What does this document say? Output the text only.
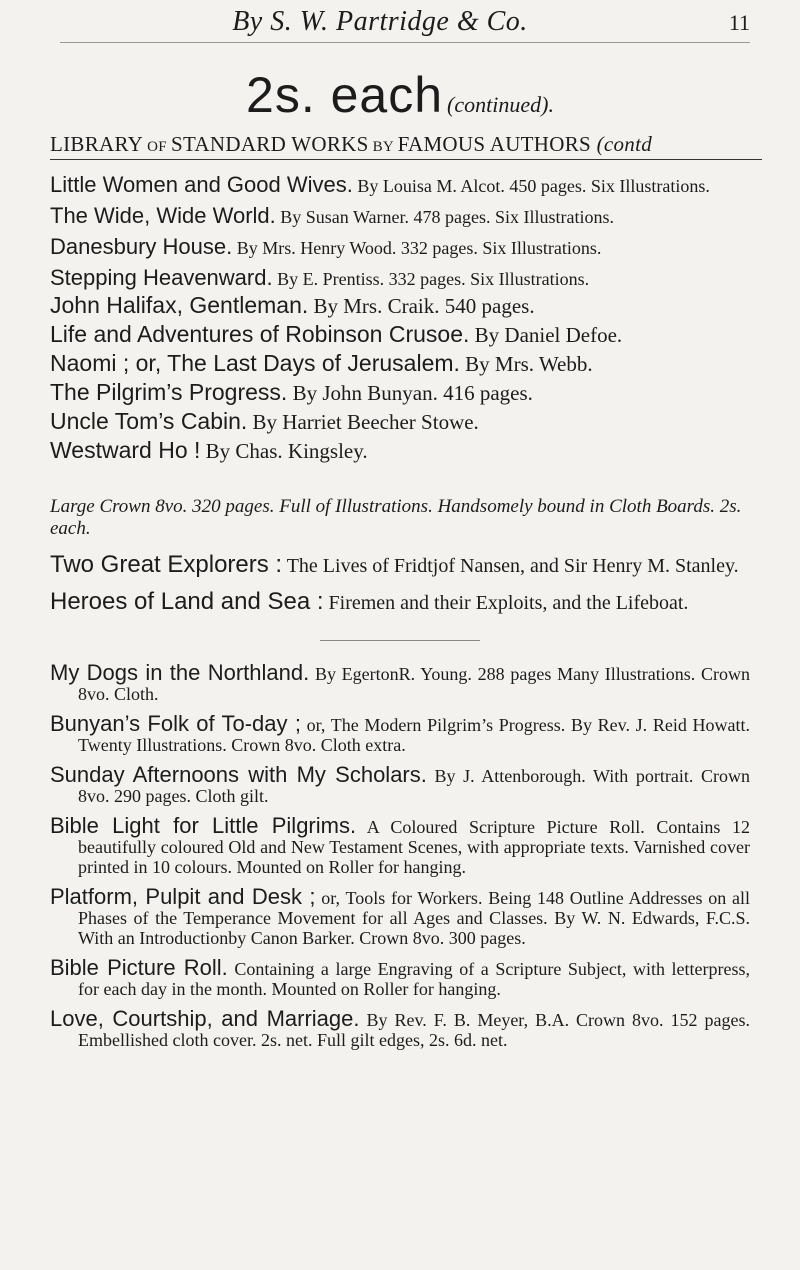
By S. W. Partridge & Co.	11
2s. each (continued).
LIBRARY OF STANDARD WORKS BY FAMOUS AUTHORS (contd
Little Women and Good Wives. By Louisa M. Alcot. 450 pages. Six Illustrations.
The Wide, Wide World. By Susan Warner. 478 pages. Six Illustrations.
Danesbury House. By Mrs. Henry Wood. 332 pages. Six Illustrations.
Stepping Heavenward. By E. Prentiss. 332 pages. Six Illustrations.
John Halifax, Gentleman. By Mrs. Craik. 540 pages.
Life and Adventures of Robinson Crusoe. By Daniel Defoe.
Naomi ; or, The Last Days of Jerusalem. By Mrs. Webb.
The Pilgrim’s Progress. By John Bunyan. 416 pages.
Uncle Tom’s Cabin. By Harriet Beecher Stowe.
Westward Ho ! By Chas. Kingsley.
Large Crown 8vo. 320 pages. Full of Illustrations. Handsomely bound in Cloth Boards. 2s. each.
Two Great Explorers : The Lives of Fridtjof Nansen, and Sir Henry M. Stanley.
Heroes of Land and Sea : Firemen and their Exploits, and the Lifeboat.
My Dogs in the Northland. By EgertonR. Young. 288 pages Many Illustrations. Crown 8vo. Cloth.
Bunyan’s Folk of To-day ; or, The Modern Pilgrim’s Progress. By Rev. J. Reid Howatt. Twenty Illustrations. Crown 8vo. Cloth extra.
Sunday Afternoons with My Scholars. By J. Attenborough. With portrait. Crown 8vo. 290 pages. Cloth gilt.
Bible Light for Little Pilgrims. A Coloured Scripture Picture Roll. Contains 12 beautifully coloured Old and New Testament Scenes, with appropriate texts. Varnished cover printed in 10 colours. Mounted on Roller for hanging.
Platform, Pulpit and Desk ; or, Tools for Workers. Being 148 Outline Addresses on all Phases of the Temperance Movement for all Ages and Classes. By W. N. Edwards, F.C.S. With an Introductionby Canon Barker. Crown 8vo. 300 pages.
Bible Picture Roll. Containing a large Engraving of a Scripture Subject, with letterpress, for each day in the month. Mounted on Roller for hanging.
Love, Courtship, and Marriage. By Rev. F. B. Meyer, B.A. Crown 8vo. 152 pages. Embellished cloth cover. 2s. net. Full gilt edges, 2s. 6d. net.
